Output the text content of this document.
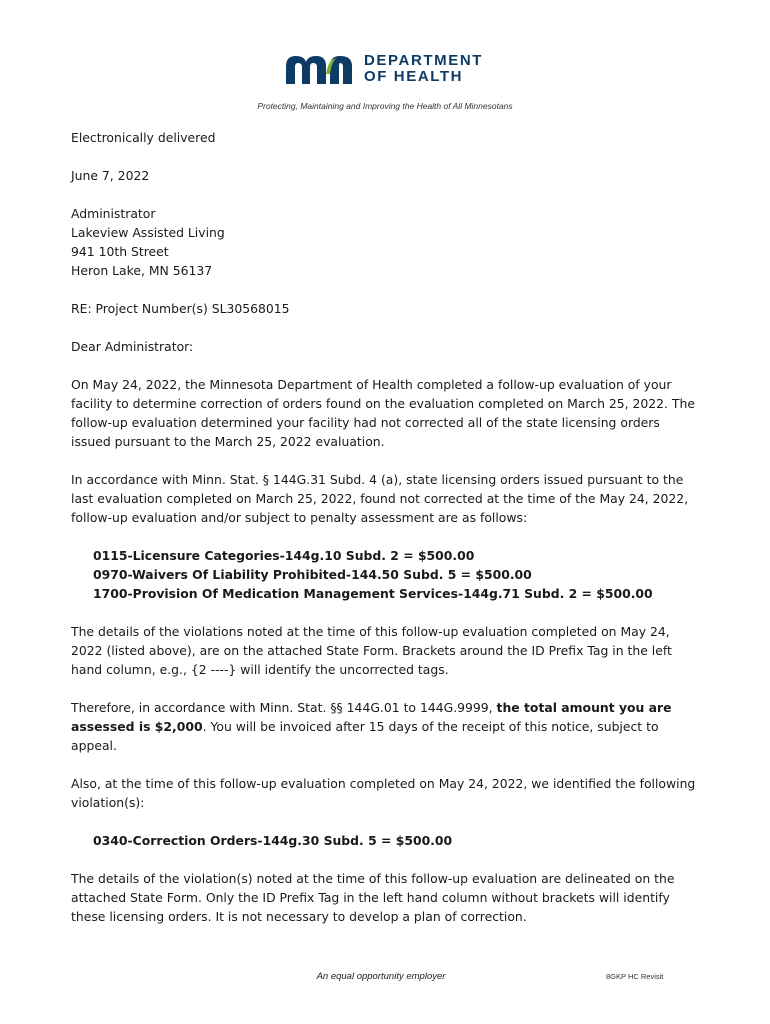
DEPARTMENT
OF HEALTH
Protecting, Maintaining and Improving the Health of All Minnesotans

Electronically delivered

June 7, 2022

Administrator
Lakeview Assisted Living
941 10th Street
Heron Lake, MN 56137

RE: Project Number(s) SL30568015

Dear Administrator:

On May 24, 2022, the Minnesota Department of Health completed a follow-up evaluation of your facility to determine correction of orders found on the evaluation completed on March 25, 2022. The follow-up evaluation determined your facility had not corrected all of the state licensing orders issued pursuant to the March 25, 2022 evaluation.

In accordance with Minn. Stat. § 144G.31 Subd. 4 (a), state licensing orders issued pursuant to the last evaluation completed on March 25, 2022, found not corrected at the time of the May 24, 2022, follow-up evaluation and/or subject to penalty assessment are as follows:

0115-Licensure Categories-144g.10 Subd. 2 = $500.00
0970-Waivers Of Liability Prohibited-144.50 Subd. 5 = $500.00
1700-Provision Of Medication Management Services-144g.71 Subd. 2 = $500.00

The details of the violations noted at the time of this follow-up evaluation completed on May 24, 2022 (listed above), are on the attached State Form. Brackets around the ID Prefix Tag in the left hand column, e.g., {2 ----} will identify the uncorrected tags.

Therefore, in accordance with Minn. Stat. §§ 144G.01 to 144G.9999, the total amount you are assessed is $2,000. You will be invoiced after 15 days of the receipt of this notice, subject to appeal.

Also, at the time of this follow-up evaluation completed on May 24, 2022, we identified the following violation(s):

0340-Correction Orders-144g.30 Subd. 5 = $500.00

The details of the violation(s) noted at the time of this follow-up evaluation are delineated on the attached State Form. Only the ID Prefix Tag in the left hand column without brackets will identify these licensing orders. It is not necessary to develop a plan of correction.

An equal opportunity employer	8GKP HC Revisit
